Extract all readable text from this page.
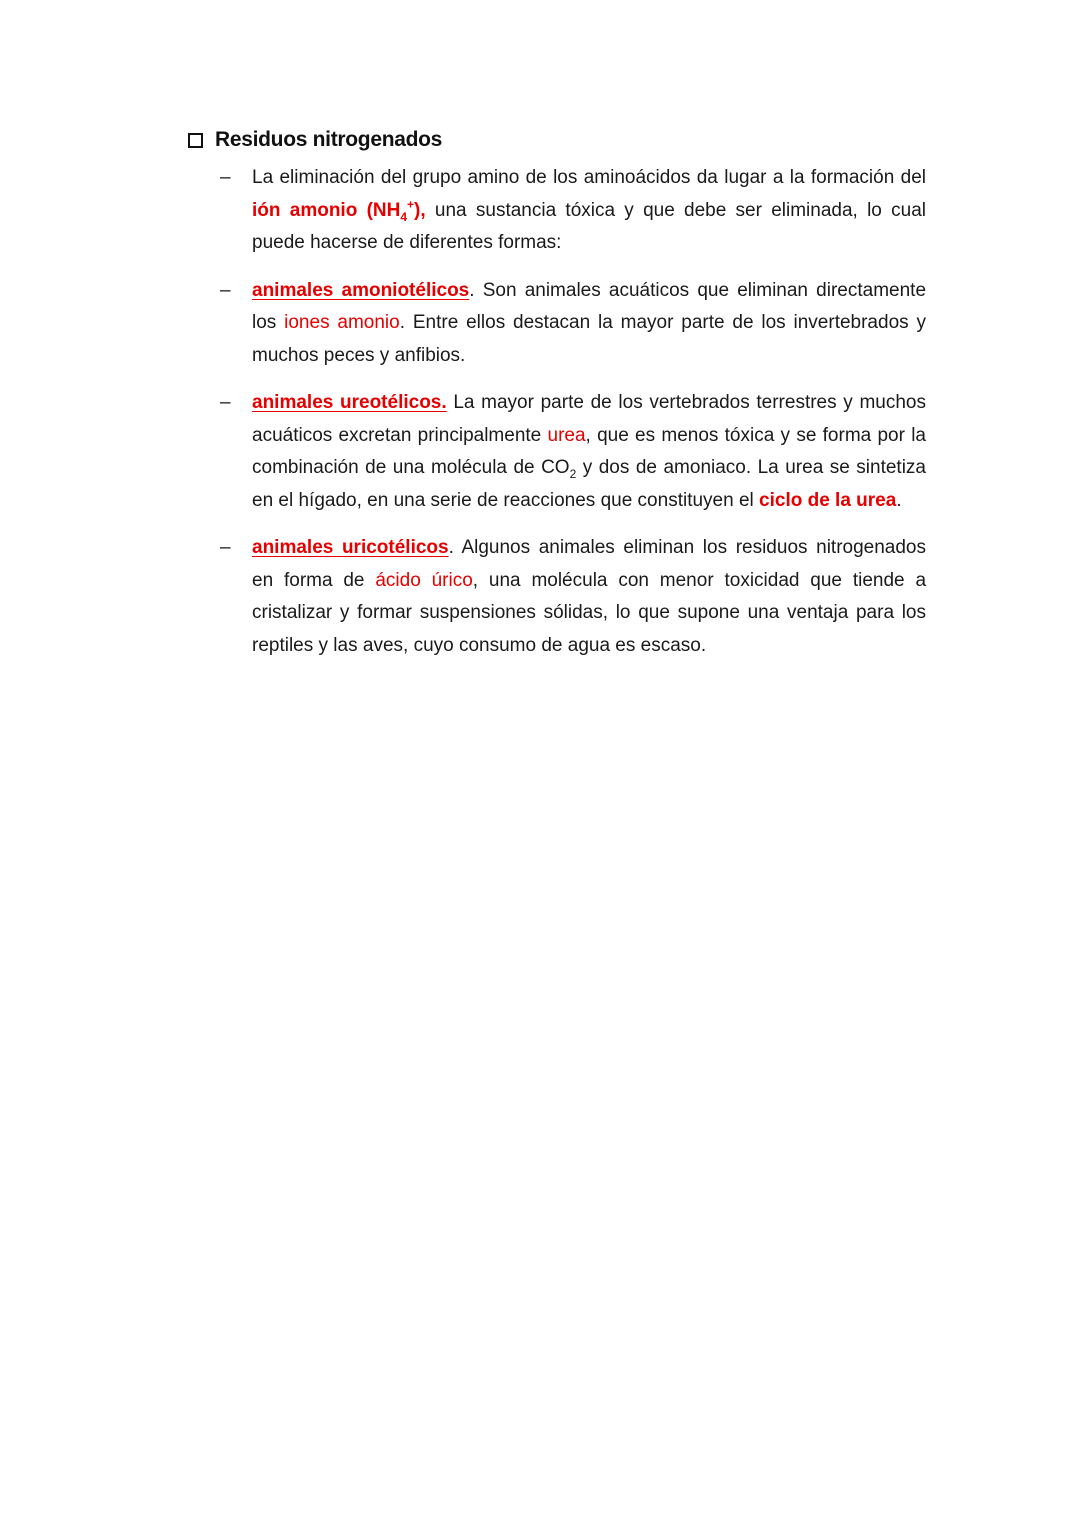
Residuos nitrogenados
–	La eliminación del grupo amino de los aminoácidos da lugar a la formación del ión amonio $(NH_4^+)$, una sustancia tóxica y que debe ser eliminada, lo cual puede hacerse de diferentes formas:
–	animales amoniotélicos. Son animales acuáticos que eliminan directamente los iones amonio. Entre ellos destacan la mayor parte de los invertebrados y muchos peces y anfibios.
–	animales ureotélicos. La mayor parte de los vertebrados terrestres y muchos acuáticos excretan principalmente urea, que es menos tóxica y se forma por la combinación de una molécula de $CO_2$ y dos de amoniaco. La urea se sintetiza en el hígado, en una serie de reacciones que constituyen el ciclo de la urea.
–	animales uricotélicos. Algunos animales eliminan los residuos nitrogenados en forma de ácido úrico, una molécula con menor toxicidad que tiende a cristalizar y formar suspensiones sólidas, lo que supone una ventaja para los reptiles y las aves, cuyo consumo de agua es escaso.
